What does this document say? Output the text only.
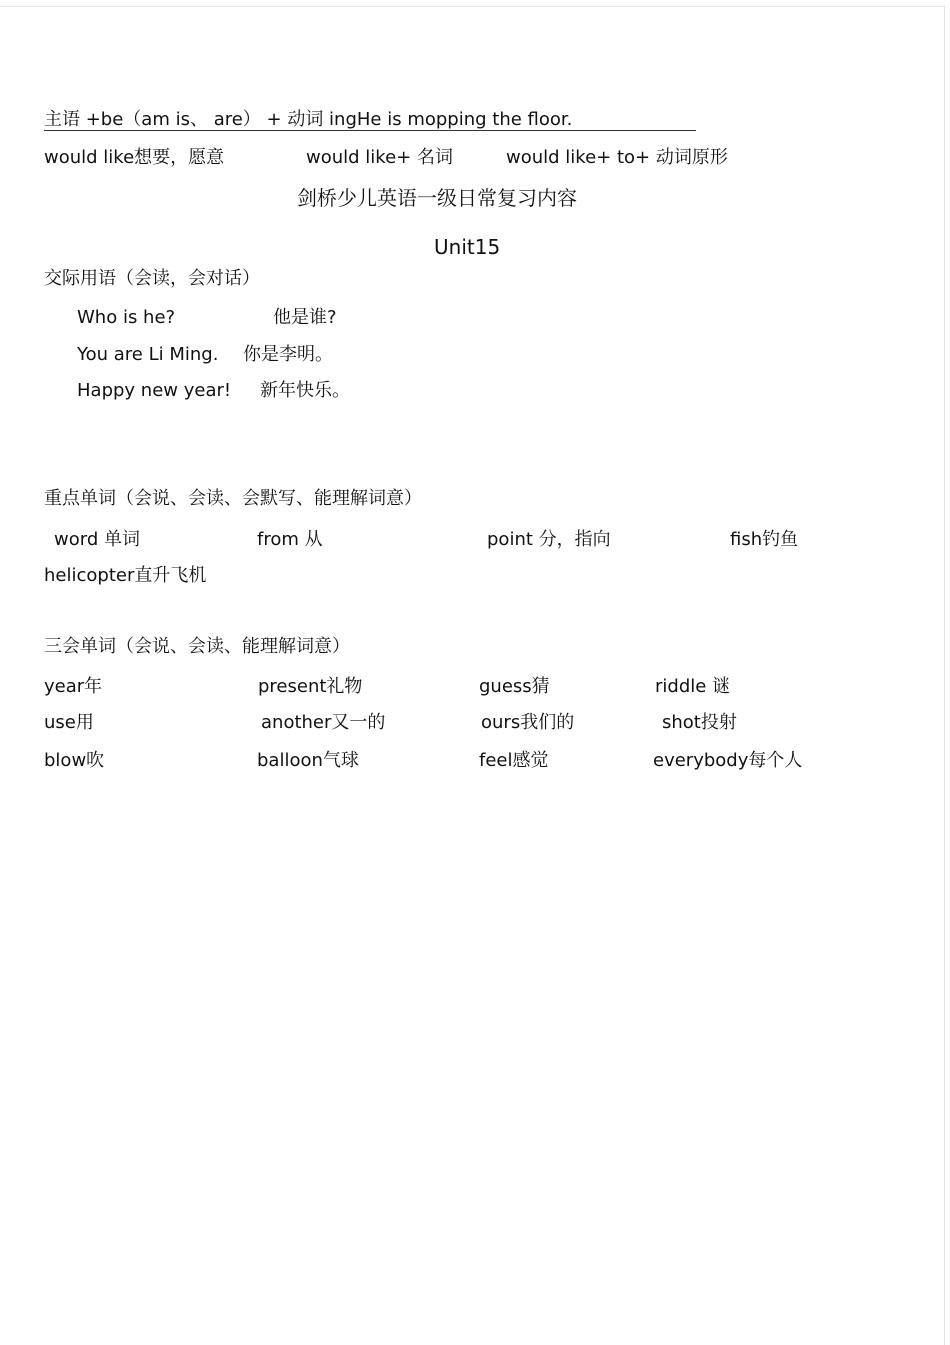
主语 +be（am is、 are） + 动词 ingHe is mopping the floor.
would like想要，愿意	would like+ 名词	would like+ to+ 动词原形
剑桥少儿英语一级日常复习内容
Unit15
交际用语（会读，会对话）
Who is he?	他是谁?
You are Li Ming. 你是李明。
Happy new year! 新年快乐。
重点单词（会说、会读、会默写、能理解词意）
word 单词	from 从	point 分，指向	fish钓鱼
helicopter直升飞机
三会单词（会说、会读、能理解词意）
year年	present礼物	guess猜	riddle 谜
use用	another又一的	ours我们的	shot投射
blow吹	balloon气球	feel感觉	everybody每个人
